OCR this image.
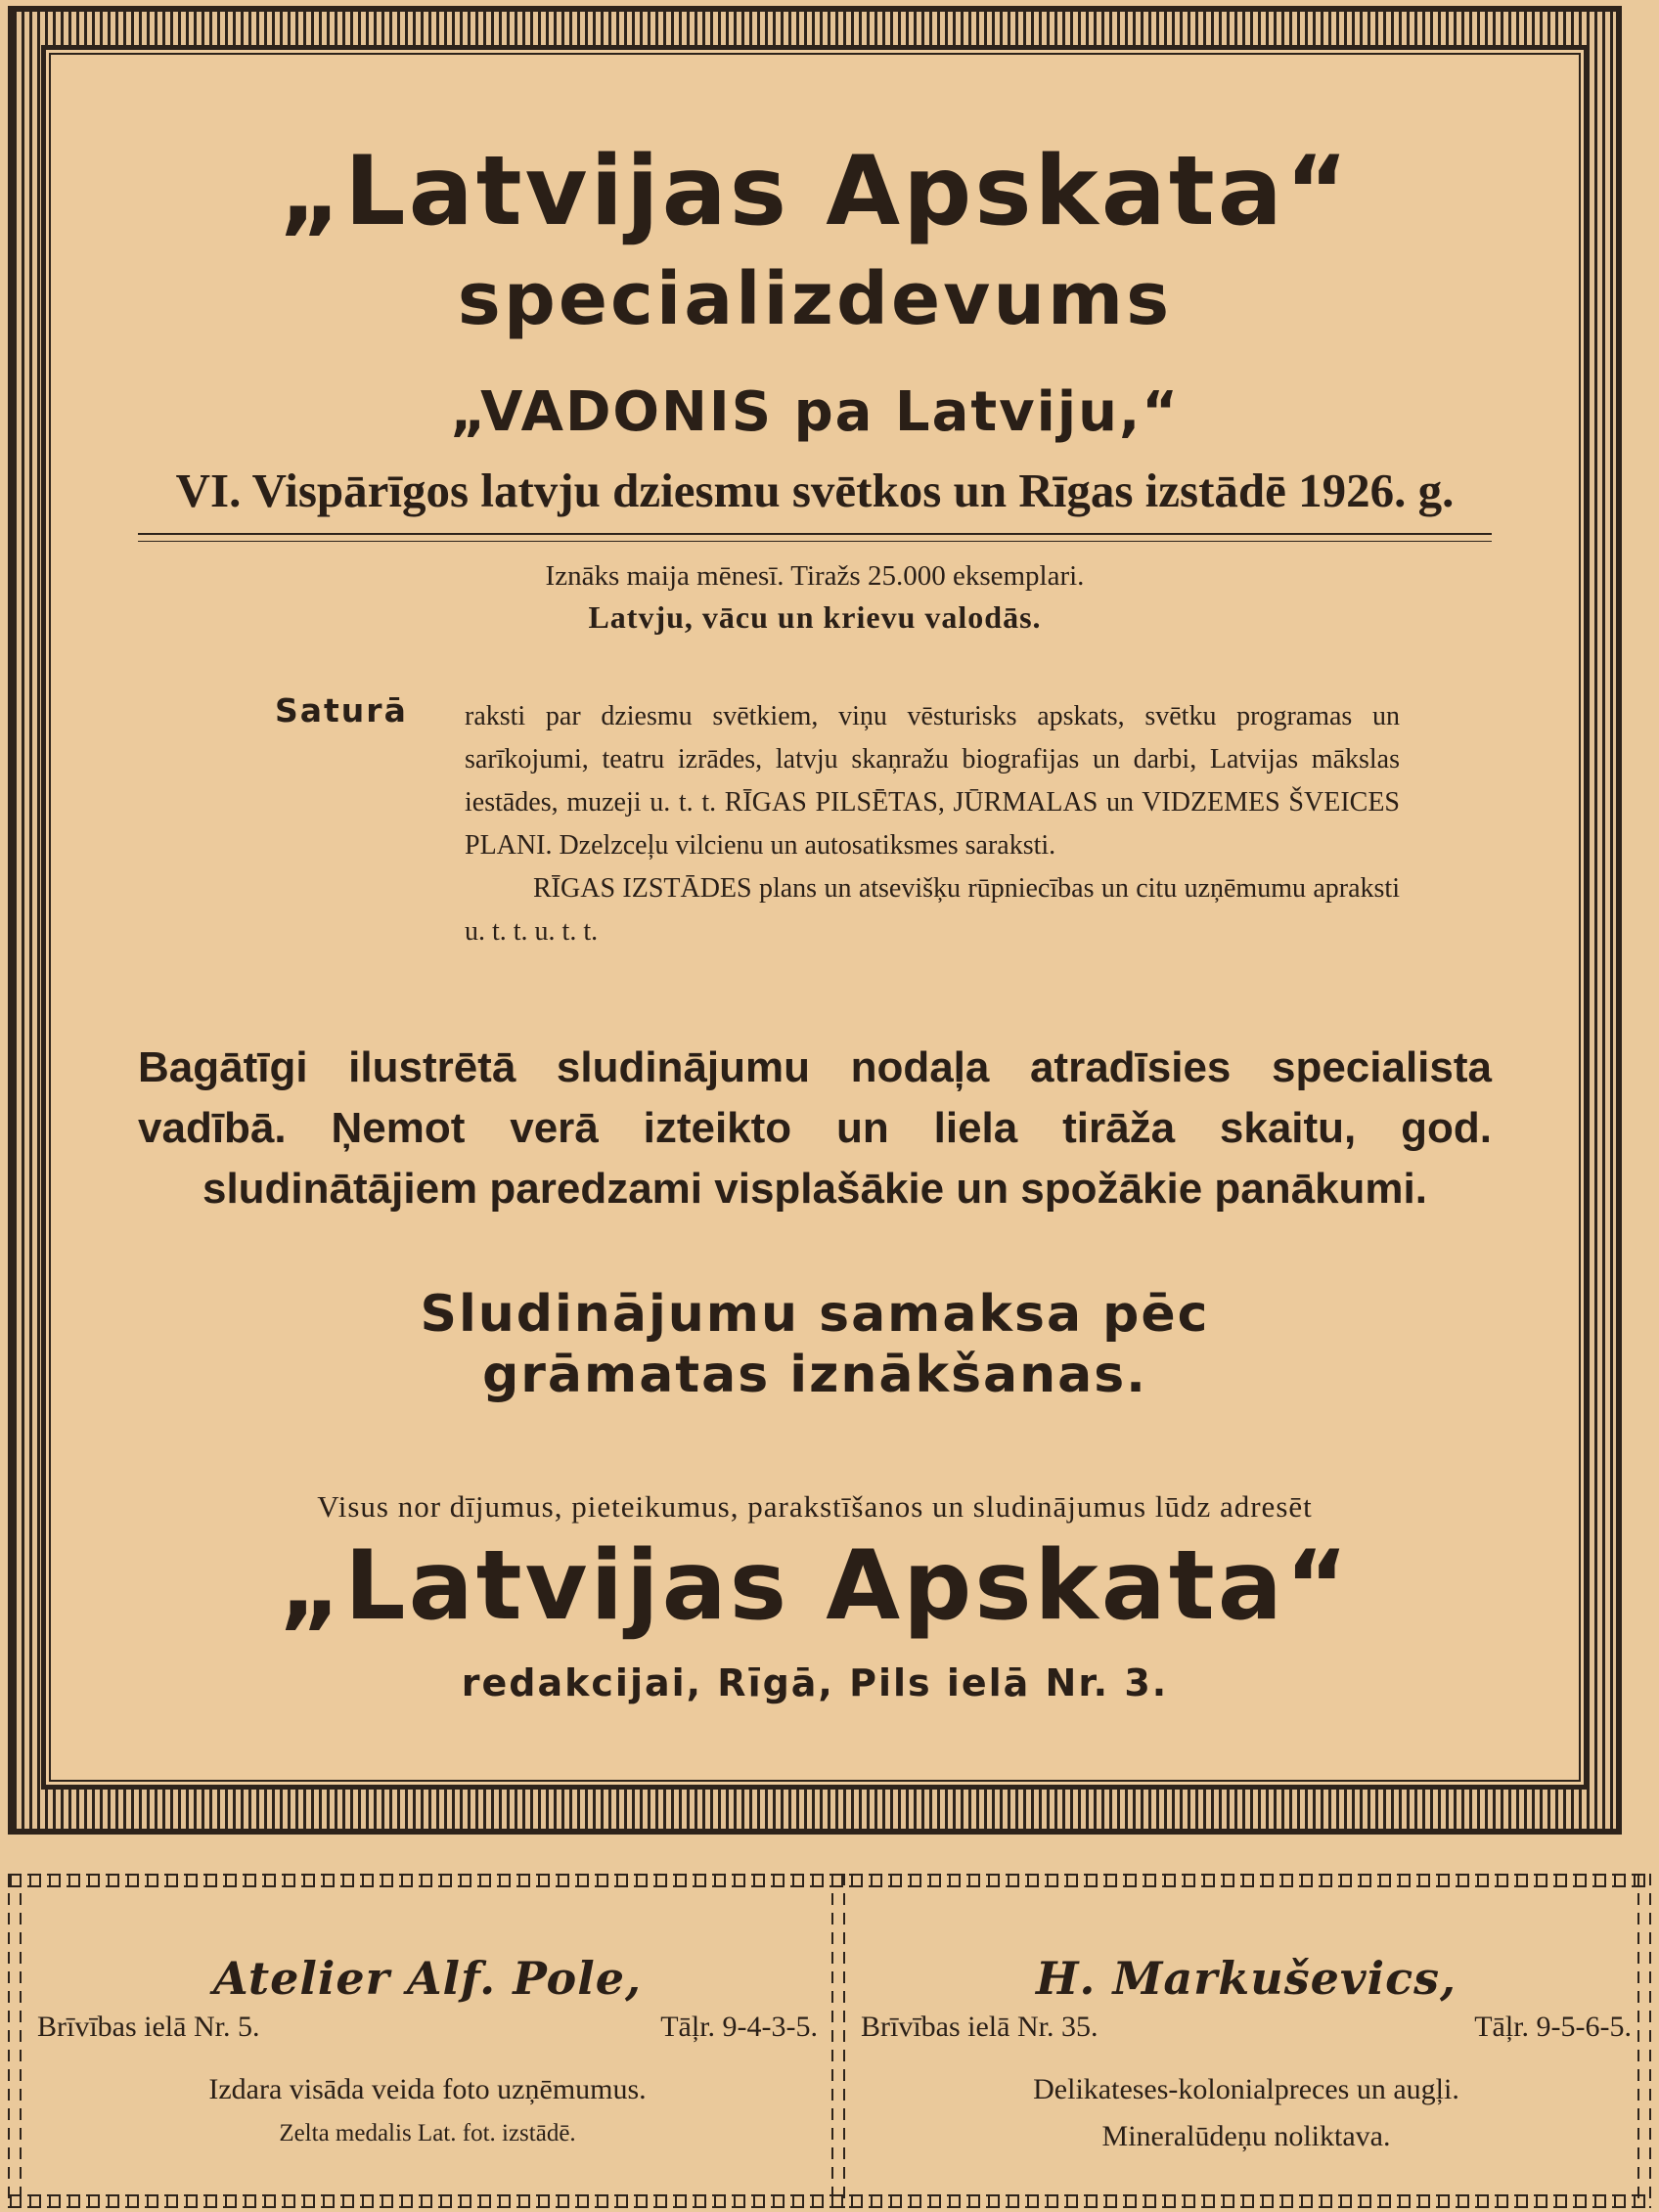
„Latvijas Apskata“
specializdevums
„VADONIS pa Latviju,“
VI. Vispārīgos latvju dziesmu svētkos un Rīgas izstādē 1926. g.
Iznāks maija mēnesī. Tiražs 25.000 eksemplari.
Latvju, vācu un krievu valodās.
Saturā raksti par dziesmu svētkiem, viņu vēsturisks apskats, svētku programas un sarīkojumi, teatru izrādes, latvju skaņražu biografijas un darbi, Latvijas mākslas iestādes, muzeji u. t. t. RĪGAS PILSĒTAS, JŪRMALAS un VIDZEMES ŠVEICES PLANI. Dzelzceļu vilcienu un autosatiksmes saraksti.
RĪGAS IZSTĀDES plans un atsevišķu rūpniecības un citu uzņēmumu apraksti u. t. t. u. t. t.
Bagātīgi ilustrētā sludinājumu nodaļa atradīsies specialista vadībā. Ņemot verā izteikto un liela tirāža skaitu, god. sludinātājiem paredzami visplašākie un spožākie panākumi.
Sludinājumu samaksa pēc
grāmatas iznākšanas.
Visus nor dījumus, pieteikumus, parakstīšanos un sludinājumus lūdz adresēt
„Latvijas Apskata“
redakcijai, Rīgā, Pils ielā Nr. 3.
Atelier Alf. Pole,
Brīvības ielā Nr. 5.	Tāļr. 9-4-3-5.
Izdara visāda veida foto uzņēmumus.
Zelta medalis Lat. fot. izstādē.
H. Markuševics,
Brīvības ielā Nr. 35.	Tāļr. 9-5-6-5.
Delikateses-kolonialpreces un augļi.
Mineralūdeņu noliktava.
